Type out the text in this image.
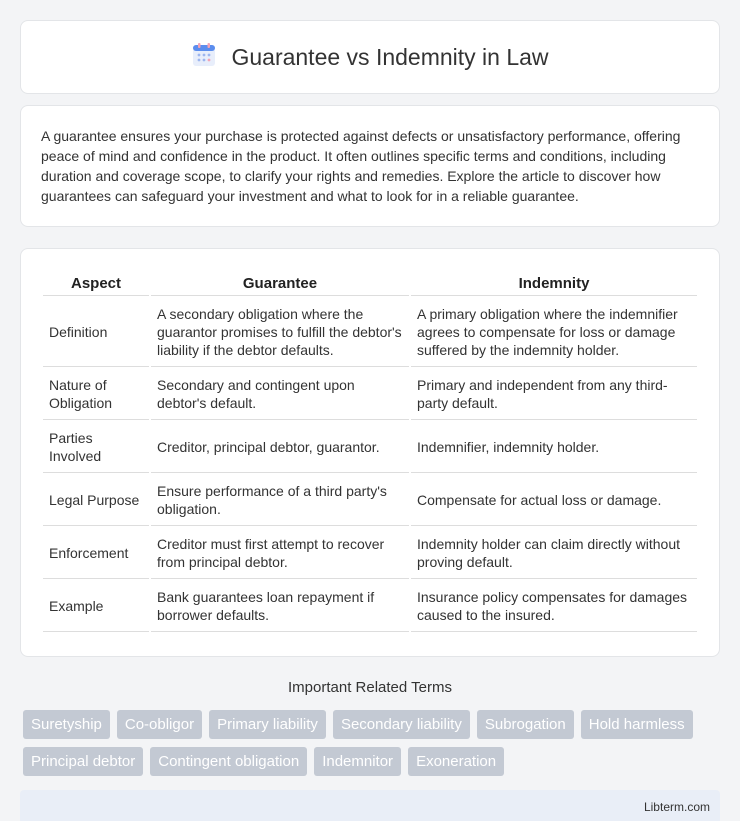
Guarantee vs Indemnity in Law

A guarantee ensures your purchase is protected against defects or unsatisfactory performance, offering peace of mind and confidence in the product. It often outlines specific terms and conditions, including duration and coverage scope, to clarify your rights and remedies. Explore the article to discover how guarantees can safeguard your investment and what to look for in a reliable guarantee.

Aspect	Guarantee	Indemnity
Definition	A secondary obligation where the guarantor promises to fulfill the debtor's liability if the debtor defaults.	A primary obligation where the indemnifier agrees to compensate for loss or damage suffered by the indemnity holder.
Nature of Obligation	Secondary and contingent upon debtor's default.	Primary and independent from any third-party default.
Parties Involved	Creditor, principal debtor, guarantor.	Indemnifier, indemnity holder.
Legal Purpose	Ensure performance of a third party's obligation.	Compensate for actual loss or damage.
Enforcement	Creditor must first attempt to recover from principal debtor.	Indemnity holder can claim directly without proving default.
Example	Bank guarantees loan repayment if borrower defaults.	Insurance policy compensates for damages caused to the insured.
Important Related Terms
Suretyship	Co-obligor	Primary liability	Secondary liability	Subrogation	Hold harmless
Principal debtor	Contingent obligation	Indemnitor	Exoneration
Libterm.com
